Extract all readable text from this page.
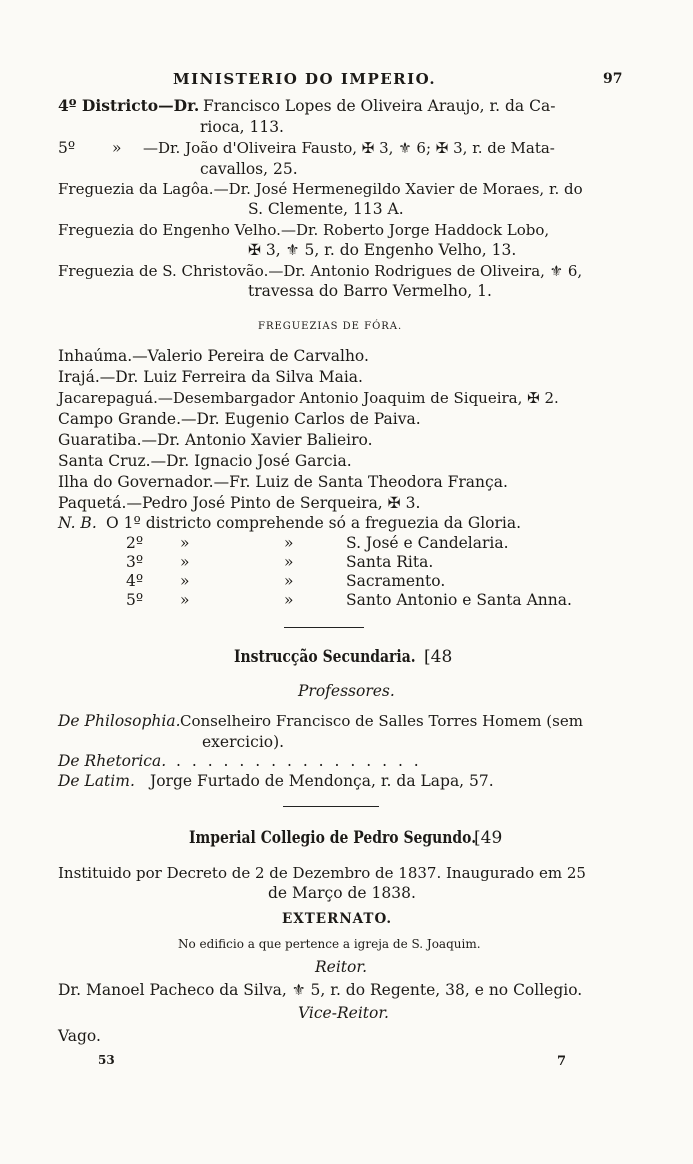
MINISTERIO DO IMPERIO.	97
4º Districto—Dr. Francisco Lopes de Oliveira Araujo, r. da Ca-
rioca, 113.
5º » —Dr. João d'Oliveira Fausto, ✠ 3, ⚜ 6; ✠ 3, r. de Mata-
cavallos, 25.
Freguezia da Lagôa.—Dr. José Hermenegildo Xavier de Moraes, r. do
S. Clemente, 113 A.
Freguezia do Engenho Velho.—Dr. Roberto Jorge Haddock Lobo,
✠ 3, ⚜ 5, r. do Engenho Velho, 13.
Freguezia de S. Christovão.—Dr. Antonio Rodrigues de Oliveira, ⚜ 6,
travessa do Barro Vermelho, 1.
FREGUEZIAS DE FÓRA.
Inhaúma.—Valerio Pereira de Carvalho.
Irajá.—Dr. Luiz Ferreira da Silva Maia.
Jacarepaguá.—Desembargador Antonio Joaquim de Siqueira, ✠ 2.
Campo Grande.—Dr. Eugenio Carlos de Paiva.
Guaratiba.—Dr. Antonio Xavier Balieiro.
Santa Cruz.—Dr. Ignacio José Garcia.
Ilha do Governador.—Fr. Luiz de Santa Theodora França.
Paquetá.—Pedro José Pinto de Serqueira, ✠ 3.
N. B. O 1º districto comprehende só a freguezia da Gloria.
2º »	»	S. José e Candelaria.
3º »	»	Santa Rita.
4º »	»	Sacramento.
5º »	»	Santo Antonio e Santa Anna.
Instrucção Secundaria. [48
Professores.
De Philosophia. Conselheiro Francisco de Salles Torres Homem (sem
exercicio).
De Rhetorica. . . . . . . . . . . . . . . . .
De Latim. Jorge Furtado de Mendonça, r. da Lapa, 57.
Imperial Collegio de Pedro Segundo.
[49
Instituido por Decreto de 2 de Dezembro de 1837. Inaugurado em 25
de Março de 1838.
EXTERNATO.
No edificio a que pertence a igreja de S. Joaquim.
Reitor.
Dr. Manoel Pacheco da Silva, ⚜ 5, r. do Regente, 38, e no Collegio.
Vice-Reitor.
Vago.
53	7
